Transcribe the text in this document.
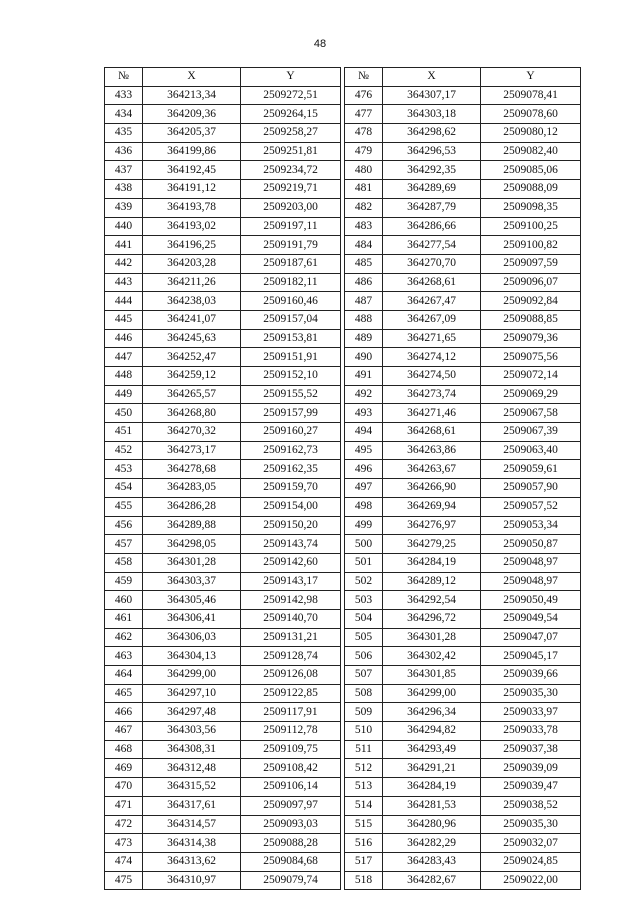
48
№	X	Y
433	364213,34	2509272,51
434	364209,36	2509264,15
435	364205,37	2509258,27
436	364199,86	2509251,81
437	364192,45	2509234,72
438	364191,12	2509219,71
439	364193,78	2509203,00
440	364193,02	2509197,11
441	364196,25	2509191,79
442	364203,28	2509187,61
443	364211,26	2509182,11
444	364238,03	2509160,46
445	364241,07	2509157,04
446	364245,63	2509153,81
447	364252,47	2509151,91
448	364259,12	2509152,10
449	364265,57	2509155,52
450	364268,80	2509157,99
451	364270,32	2509160,27
452	364273,17	2509162,73
453	364278,68	2509162,35
454	364283,05	2509159,70
455	364286,28	2509154,00
456	364289,88	2509150,20
457	364298,05	2509143,74
458	364301,28	2509142,60
459	364303,37	2509143,17
460	364305,46	2509142,98
461	364306,41	2509140,70
462	364306,03	2509131,21
463	364304,13	2509128,74
464	364299,00	2509126,08
465	364297,10	2509122,85
466	364297,48	2509117,91
467	364303,56	2509112,78
468	364308,31	2509109,75
469	364312,48	2509108,42
470	364315,52	2509106,14
471	364317,61	2509097,97
472	364314,57	2509093,03
473	364314,38	2509088,28
474	364313,62	2509084,68
475	364310,97	2509079,74
№	X	Y
476	364307,17	2509078,41
477	364303,18	2509078,60
478	364298,62	2509080,12
479	364296,53	2509082,40
480	364292,35	2509085,06
481	364289,69	2509088,09
482	364287,79	2509098,35
483	364286,66	2509100,25
484	364277,54	2509100,82
485	364270,70	2509097,59
486	364268,61	2509096,07
487	364267,47	2509092,84
488	364267,09	2509088,85
489	364271,65	2509079,36
490	364274,12	2509075,56
491	364274,50	2509072,14
492	364273,74	2509069,29
493	364271,46	2509067,58
494	364268,61	2509067,39
495	364263,86	2509063,40
496	364263,67	2509059,61
497	364266,90	2509057,90
498	364269,94	2509057,52
499	364276,97	2509053,34
500	364279,25	2509050,87
501	364284,19	2509048,97
502	364289,12	2509048,97
503	364292,54	2509050,49
504	364296,72	2509049,54
505	364301,28	2509047,07
506	364302,42	2509045,17
507	364301,85	2509039,66
508	364299,00	2509035,30
509	364296,34	2509033,97
510	364294,82	2509033,78
511	364293,49	2509037,38
512	364291,21	2509039,09
513	364284,19	2509039,47
514	364281,53	2509038,52
515	364280,96	2509035,30
516	364282,29	2509032,07
517	364283,43	2509024,85
518	364282,67	2509022,00
